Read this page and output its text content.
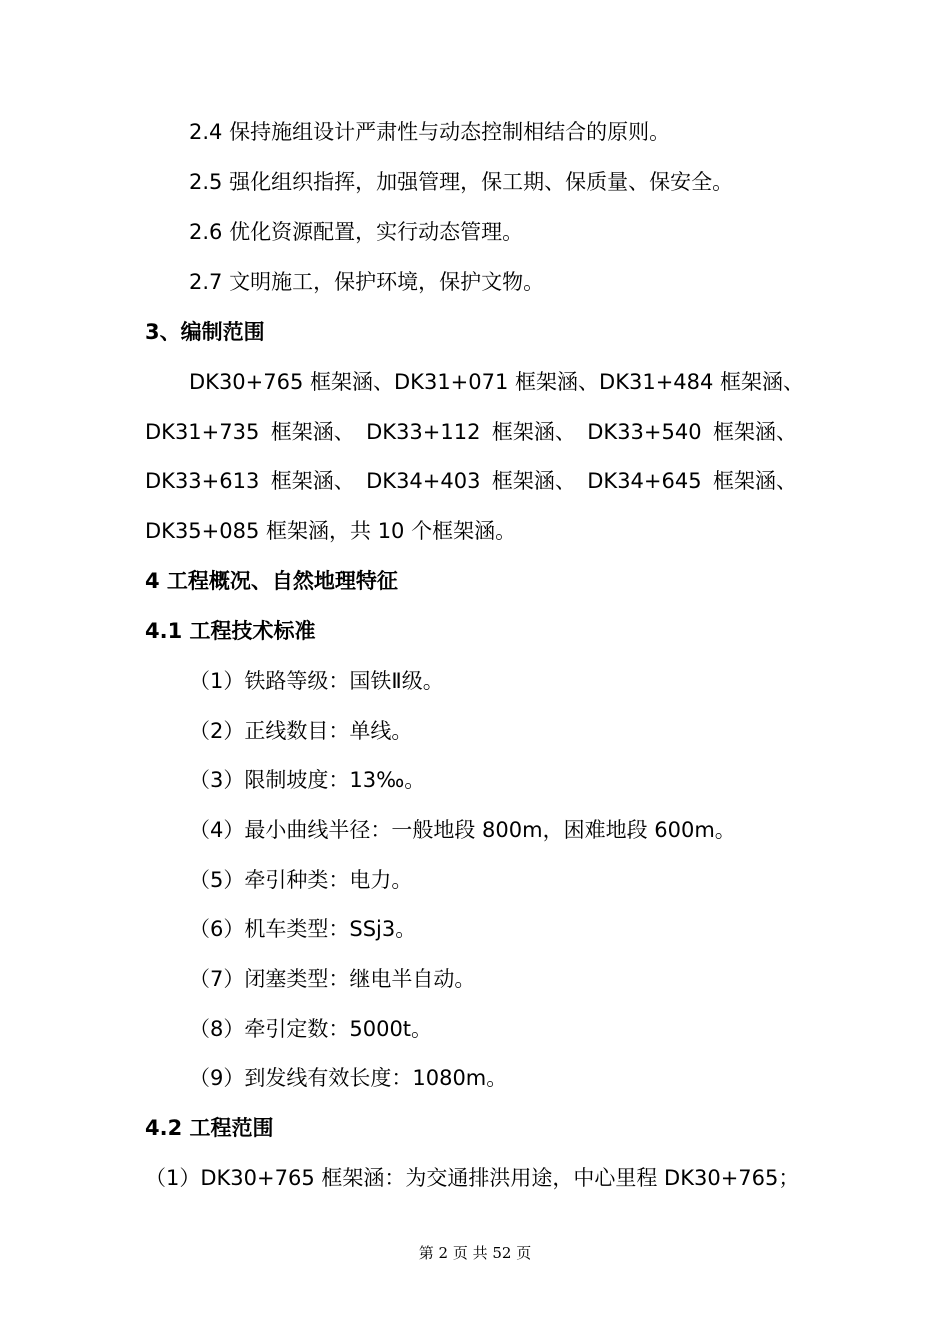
2.4 保持施组设计严肃性与动态控制相结合的原则。
2.5 强化组织指挥，加强管理，保工期、保质量、保安全。
2.6 优化资源配置，实行动态管理。
2.7 文明施工，保护环境，保护文物。
3、编制范围
DK30+765 框架涵、DK31+071 框架涵、DK31+484 框架涵、
DK31+735 框架涵、 DK33+112 框架涵、 DK33+540 框架涵、
DK33+613 框架涵、 DK34+403 框架涵、 DK34+645 框架涵、
DK35+085 框架涵，共 10 个框架涵。
4 工程概况、自然地理特征
4.1 工程技术标准
（1）铁路等级：国铁Ⅱ级。
（2）正线数目：单线。
（3）限制坡度：13‰。
（4）最小曲线半径：一般地段 800m，困难地段 600m。
（5）牵引种类：电力。
（6）机车类型：SSj3。
（7）闭塞类型：继电半自动。
（8）牵引定数：5000t。
（9）到发线有效长度：1080m。
4.2 工程范围
（1）DK30+765 框架涵：为交通排洪用途，中心里程 DK30+765；
第 2 页 共 52 页
